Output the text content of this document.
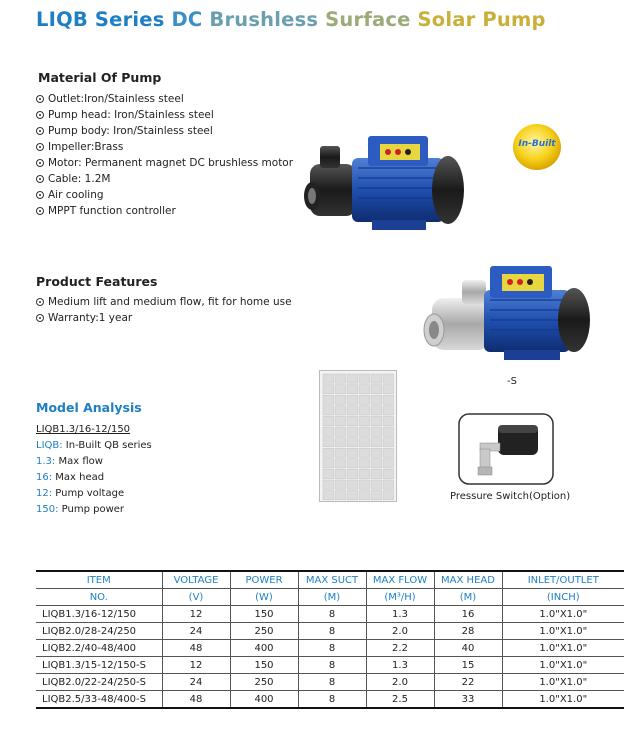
LIQB Series DC Brushless Surface Solar Pump
Material Of Pump
Outlet:Iron/Stainless steel
Pump head: Iron/Stainless steel
Pump body: Iron/Stainless steel
Impeller:Brass
Motor: Permanent magnet DC brushless motor
Cable: 1.2M
Air cooling
MPPT function controller
In-Built
Product Features
Medium lift and medium flow, fit for home use
Warranty:1 year
-S
Pressure Switch(Option)
Model Analysis
LIQB1.3/16-12/150
LIQB: In-Built QB series
1.3: Max flow
16: Max head
12: Pump voltage
150: Pump power
ITEM	VOLTAGE	POWER	MAX SUCT	MAX FLOW	MAX HEAD	INLET/OUTLET
NO.	(V)	(W)	(M)	(M³/H)	(M)	(INCH)
LIQB1.3/16-12/150	12	150	8	1.3	16	1.0"X1.0"
LIQB2.0/28-24/250	24	250	8	2.0	28	1.0"X1.0"
LIQB2.2/40-48/400	48	400	8	2.2	40	1.0"X1.0"
LIQB1.3/15-12/150-S	12	150	8	1.3	15	1.0"X1.0"
LIQB2.0/22-24/250-S	24	250	8	2.0	22	1.0"X1.0"
LIQB2.5/33-48/400-S	48	400	8	2.5	33	1.0"X1.0"
